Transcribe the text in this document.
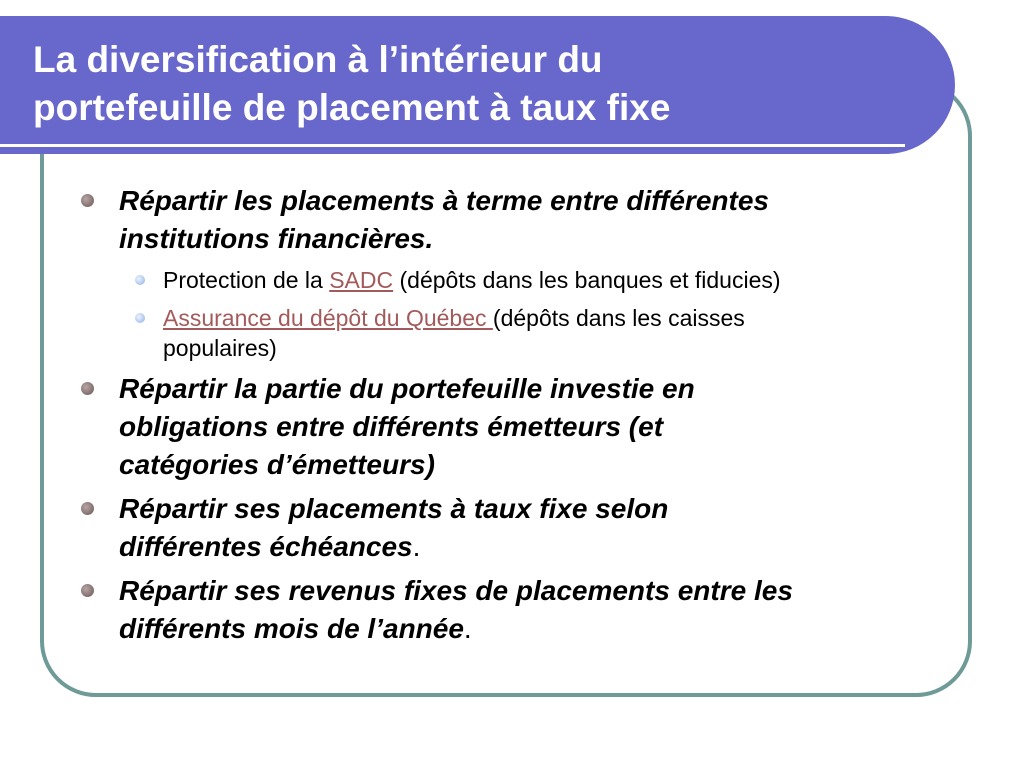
La diversification à l’intérieur du
portefeuille de placement à taux fixe
Répartir les placements à terme entre différentes
institutions financières.
Protection de la SADC (dépôts dans les banques et fiducies)
Assurance du dépôt du Québec (dépôts dans les caisses
populaires)
Répartir la partie du portefeuille investie en
obligations entre différents émetteurs (et
catégories d’émetteurs)
Répartir ses placements à taux fixe selon
différentes échéances.
Répartir ses revenus fixes de placements entre les
différents mois de l’année.
